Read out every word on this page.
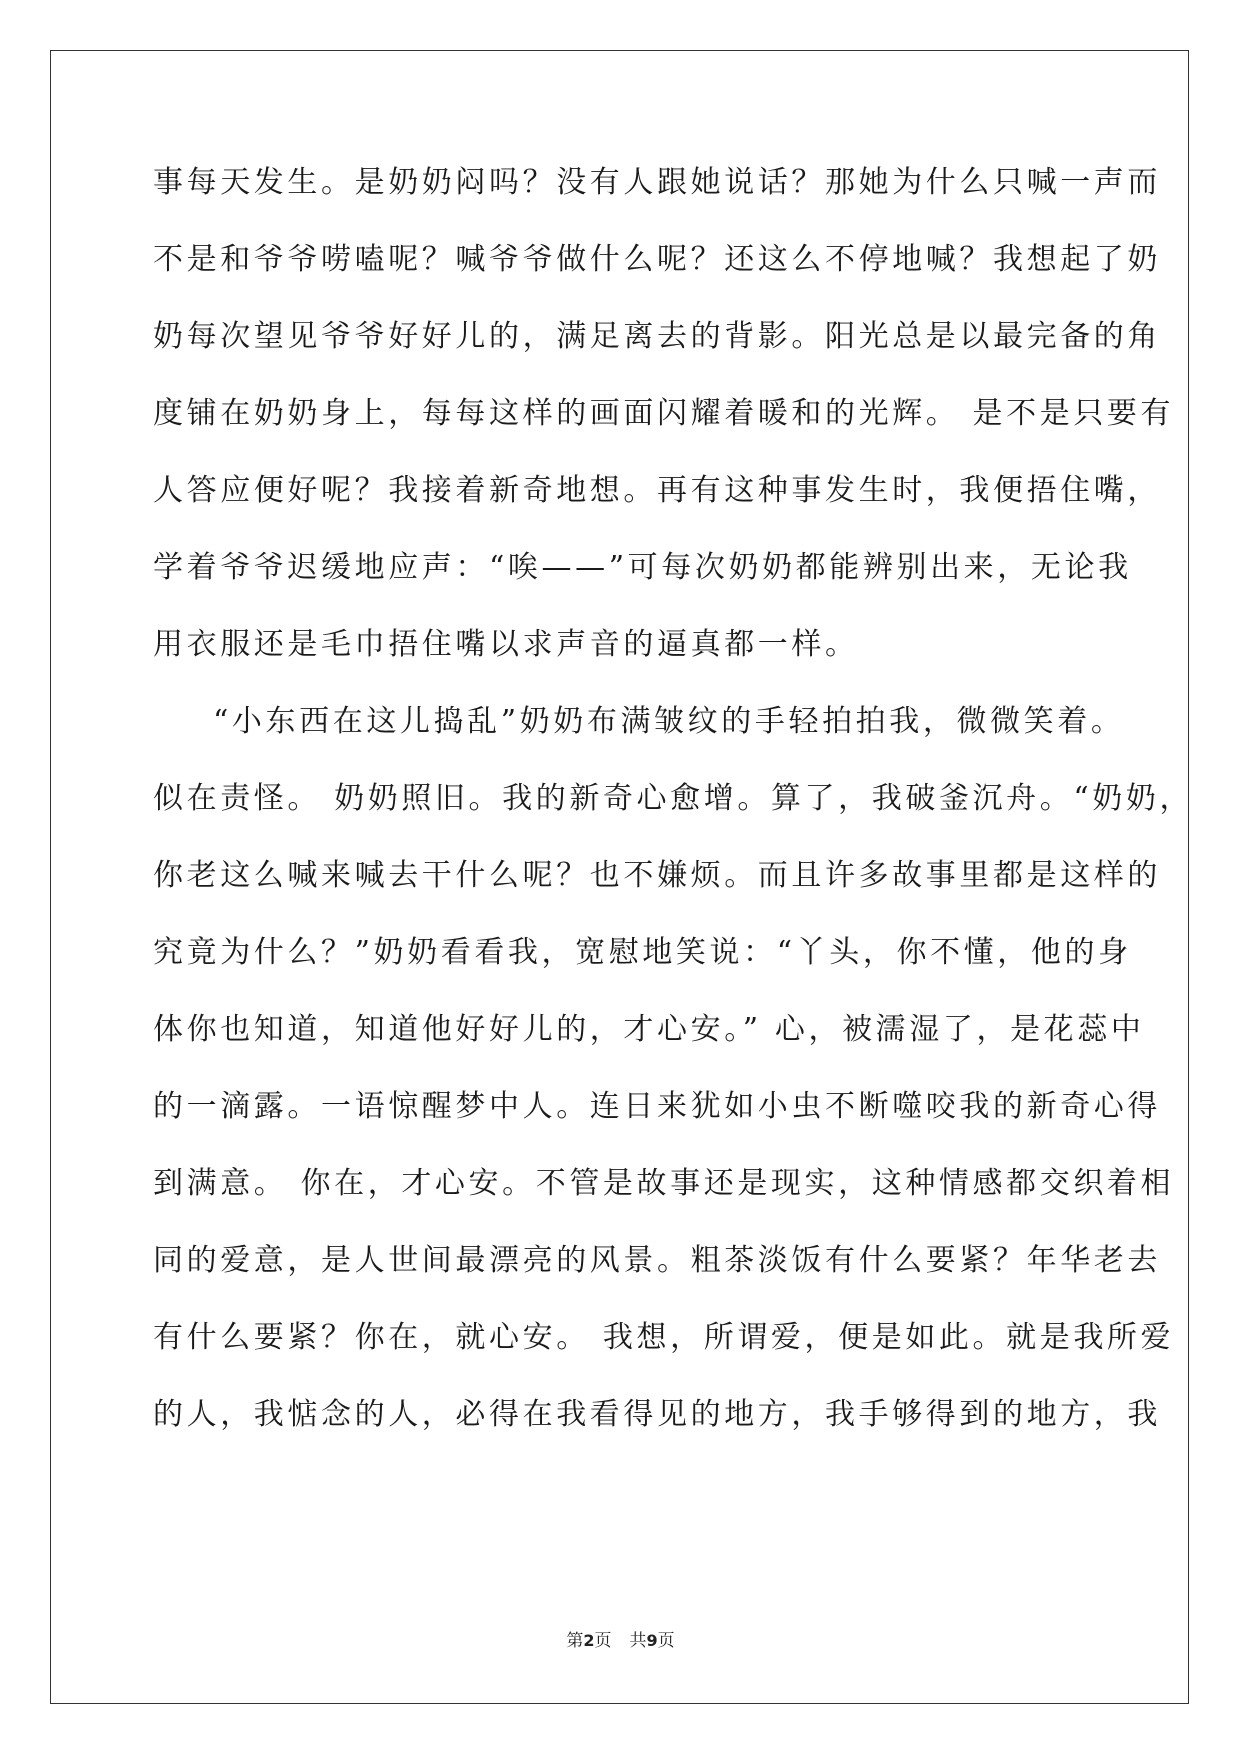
事每天发生。是奶奶闷吗？没有人跟她说话？那她为什么只喊一声而
不是和爷爷唠嗑呢？喊爷爷做什么呢？还这么不停地喊？我想起了奶
奶每次望见爷爷好好儿的，满足离去的背影。阳光总是以最完备的角
度铺在奶奶身上，每每这样的画面闪耀着暖和的光辉。 是不是只要有
人答应便好呢？我接着新奇地想。再有这种事发生时，我便捂住嘴，
学着爷爷迟缓地应声：“唉——”可每次奶奶都能辨别出来，无论我
用衣服还是毛巾捂住嘴以求声音的逼真都一样。
“小东西在这儿捣乱”奶奶布满皱纹的手轻拍拍我，微微笑着。
似在责怪。 奶奶照旧。我的新奇心愈增。算了，我破釜沉舟。“奶奶，
你老这么喊来喊去干什么呢？也不嫌烦。而且许多故事里都是这样的
究竟为什么？”奶奶看看我，宽慰地笑说：“丫头，你不懂，他的身
体你也知道，知道他好好儿的，才心安。” 心，被濡湿了，是花蕊中
的一滴露。一语惊醒梦中人。连日来犹如小虫不断噬咬我的新奇心得
到满意。 你在，才心安。不管是故事还是现实，这种情感都交织着相
同的爱意，是人世间最漂亮的风景。粗茶淡饭有什么要紧？年华老去
有什么要紧？你在，就心安。 我想，所谓爱，便是如此。就是我所爱
的人，我惦念的人，必得在我看得见的地方，我手够得到的地方，我
第2页 共9页
